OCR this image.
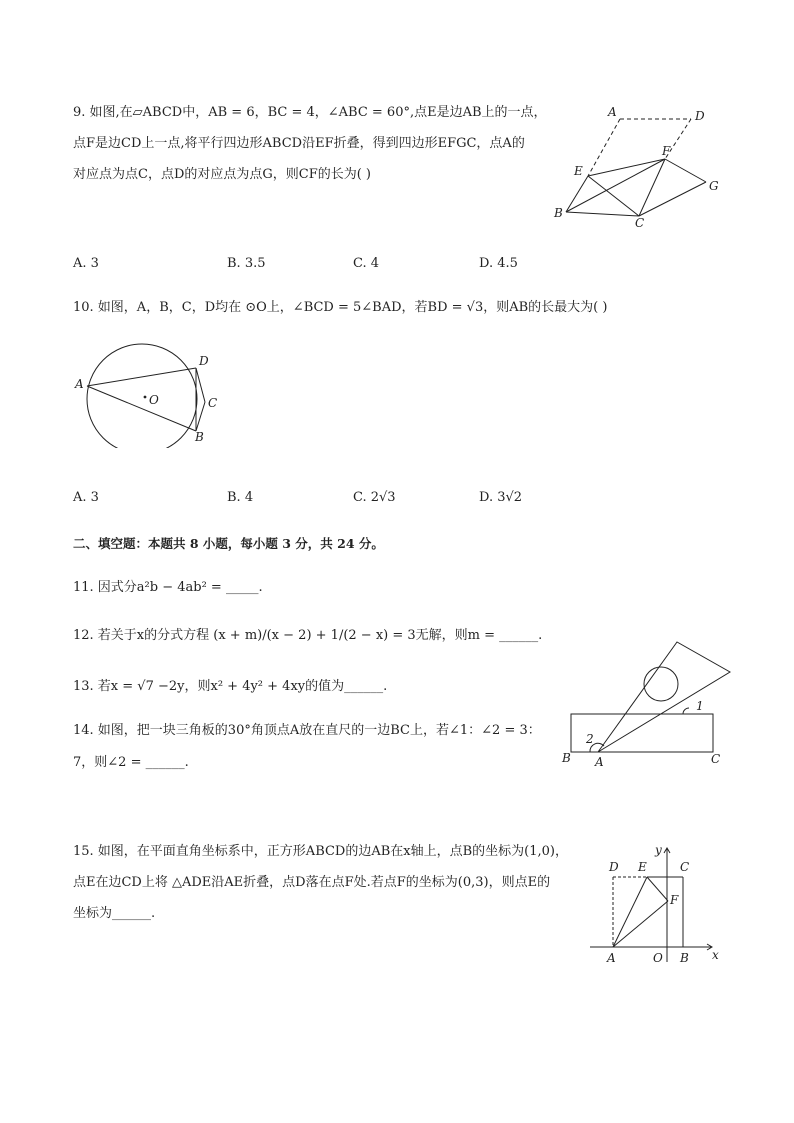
9. 如图,在▱ABCD中，AB = 6，BC = 4，∠ABC = 60°,点E是边AB上的一点，
点F是边CD上一点,将平行四边形ABCD沿EF折叠，得到四边形EFGC，点A的
对应点为点C，点D的对应点为点G，则CF的长为( )
A	D
E
F
G
B
C
A. 3	B. 3.5	C. 4	D. 4.5
10. 如图，A，B，C，D均在 ⊙O上，∠BCD = 5∠BAD，若BD = √3，则AB的长最大为( )
A
D
C
B
O
A. 3	B. 4	C. 2√3	D. 3√2
二、填空题：本题共 8 小题，每小题 3 分，共 24 分。
11. 因式分a²b − 4ab² = _____.
12. 若关于x的分式方程 (x + m)/(x − 2) + 1/(2 − x) = 3无解，则m = ______.
13. 若x = √7 −2y，则x² + 4y² + 4xy的值为______.
14. 如图，把一块三角板的30°角顶点A放在直尺的一边BC上，若∠1：∠2 = 3：
7，则∠2 = ______.
1
2
B A	C
15. 如图，在平面直角坐标系中，正方形ABCD的边AB在x轴上，点B的坐标为(1,0)，
点E在边CD上将 △ADE沿AE折叠，点D落在点F处.若点F的坐标为(0,3)，则点E的
坐标为______.
D E	C
F
A	O B x
y
